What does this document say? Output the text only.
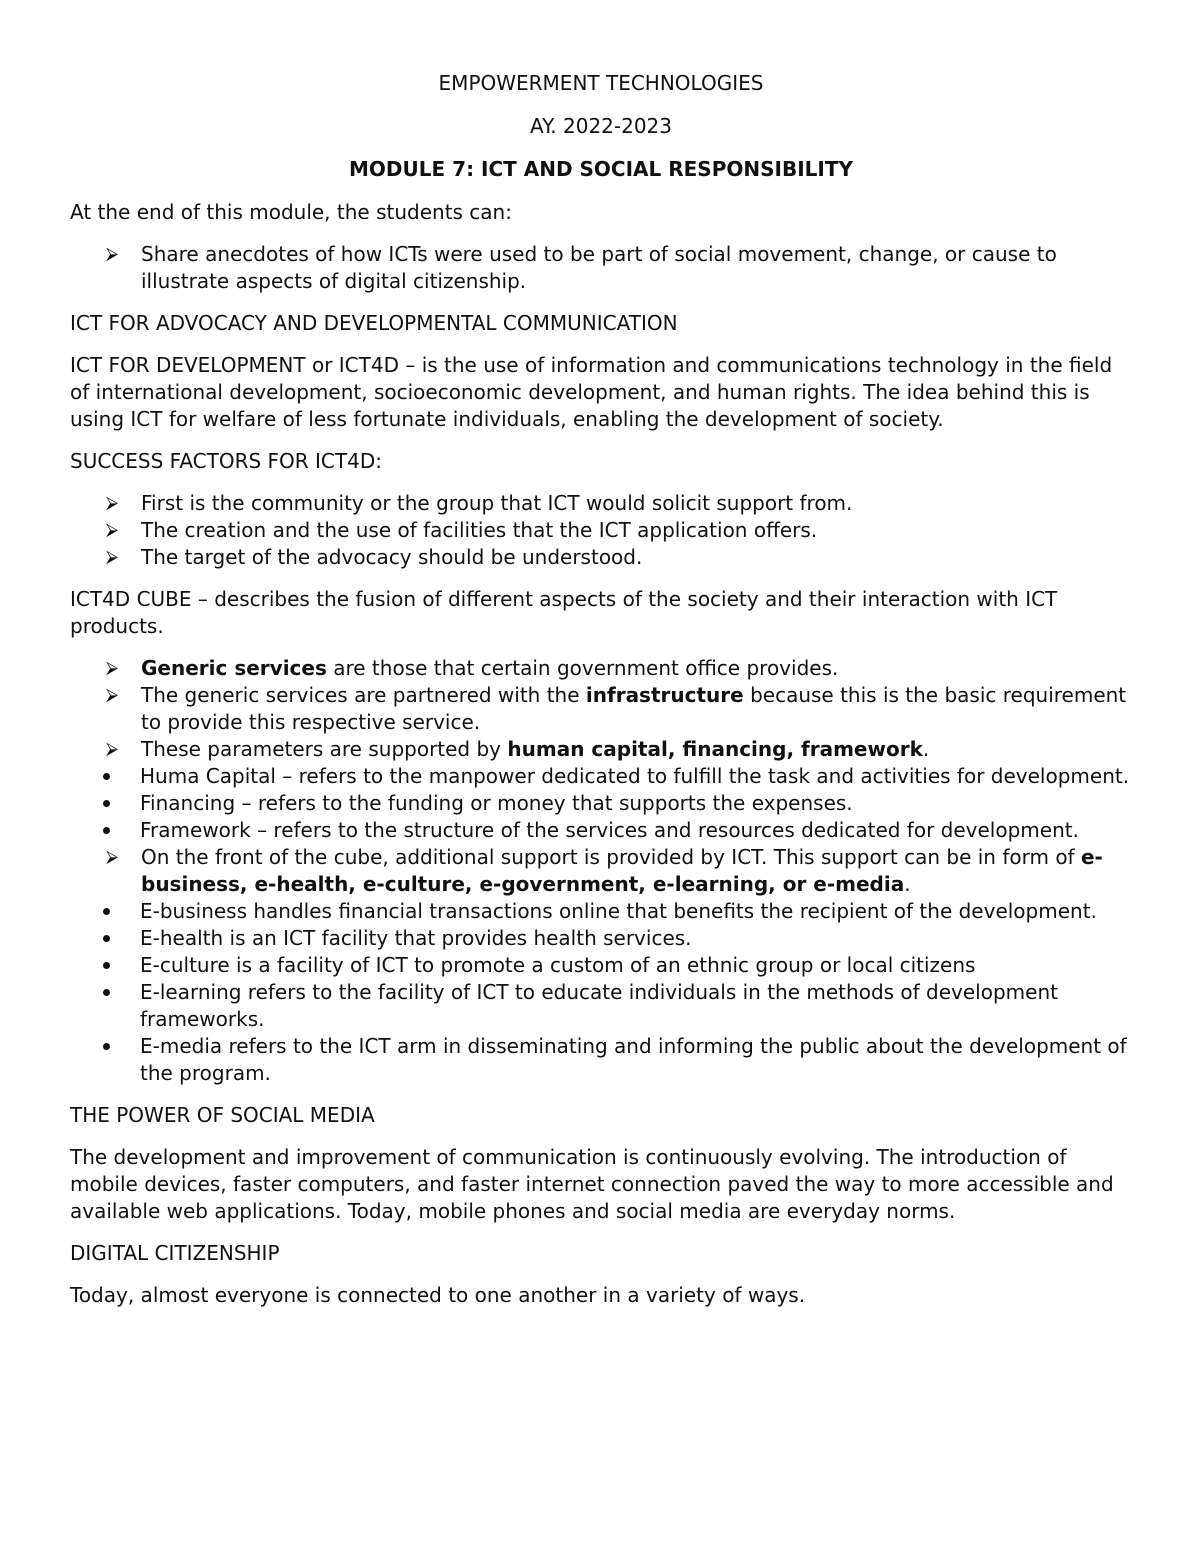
EMPOWERMENT TECHNOLOGIES

AY. 2022-2023

MODULE 7: ICT AND SOCIAL RESPONSIBILITY

At the end of this module, the students can:

⮚	Share anecdotes of how ICTs were used to be part of social movement, change, or cause to illustrate aspects of digital citizenship.

ICT FOR ADVOCACY AND DEVELOPMENTAL COMMUNICATION

ICT FOR DEVELOPMENT or ICT4D – is the use of information and communications technology in the field of international development, socioeconomic development, and human rights. The idea behind this is using ICT for welfare of less fortunate individuals, enabling the development of society.

SUCCESS FACTORS FOR ICT4D:

⮚	First is the community or the group that ICT would solicit support from.
⮚	The creation and the use of facilities that the ICT application offers.
⮚	The target of the advocacy should be understood.

ICT4D CUBE – describes the fusion of different aspects of the society and their interaction with ICT products.

⮚	Generic services are those that certain government office provides.
⮚	The generic services are partnered with the infrastructure because this is the basic requirement to provide this respective service.
⮚	These parameters are supported by human capital, financing, framework.
Huma Capital – refers to the manpower dedicated to fulfill the task and activities for development.
Financing – refers to the funding or money that supports the expenses.
Framework – refers to the structure of the services and resources dedicated for development.
⮚	On the front of the cube, additional support is provided by ICT. This support can be in form of e-business, e-health, e-culture, e-government, e-learning, or e-media.
E-business handles financial transactions online that benefits the recipient of the development.
E-health is an ICT facility that provides health services.
E-culture is a facility of ICT to promote a custom of an ethnic group or local citizens
E-learning refers to the facility of ICT to educate individuals in the methods of development frameworks.
E-media refers to the ICT arm in disseminating and informing the public about the development of the program.

THE POWER OF SOCIAL MEDIA

The development and improvement of communication is continuously evolving. The introduction of mobile devices, faster computers, and faster internet connection paved the way to more accessible and available web applications. Today, mobile phones and social media are everyday norms.

DIGITAL CITIZENSHIP

Today, almost everyone is connected to one another in a variety of ways.
